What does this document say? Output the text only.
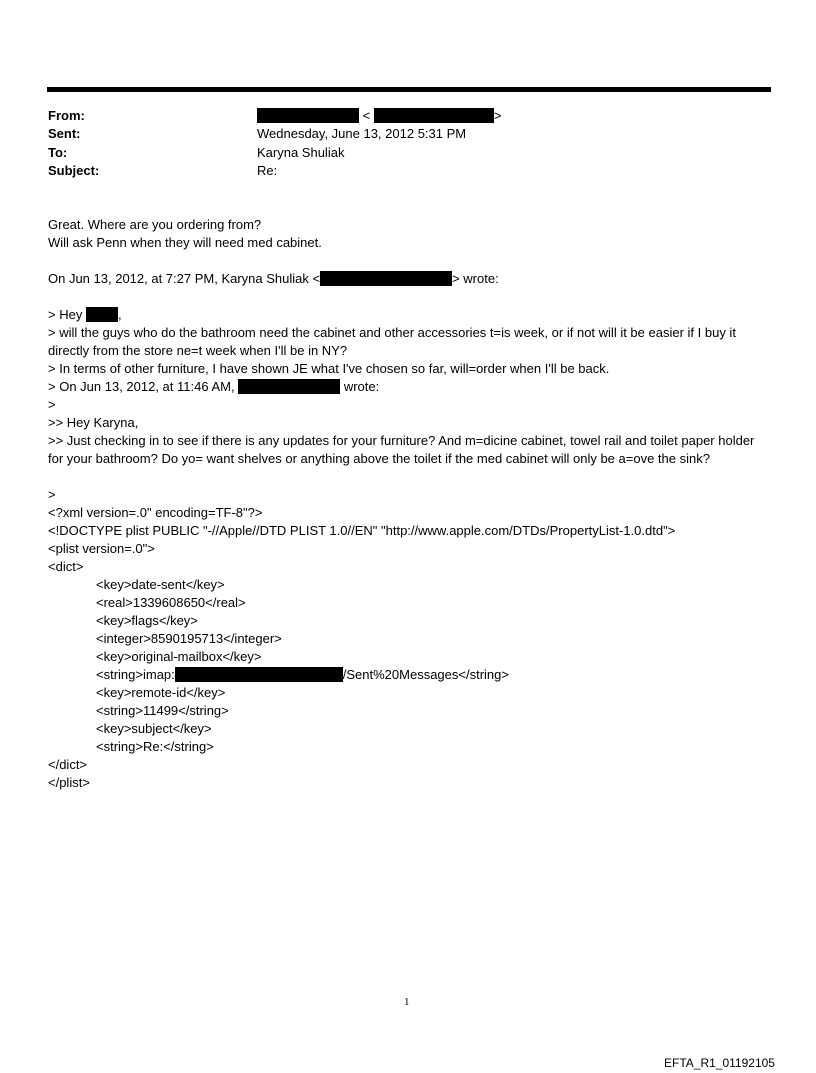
From:	<	>
Sent:	Wednesday, June 13, 2012 5:31 PM
To:	Karyna Shuliak
Subject:	Re:
Great. Where are you ordering from?
Will ask Penn when they will need med cabinet.
On Jun 13, 2012, at 7:27 PM, Karyna Shuliak <	> wrote:
> Hey	,
> will the guys who do the bathroom need the cabinet and other accessories t=is week, or if not will it be easier if I buy it directly from the store ne=t week when I'll be in NY?
> In terms of other furniture, I have shown JE what I've chosen so far, will=order when I'll be back.
> On Jun 13, 2012, at 11:46 AM,	wrote:
>
>> Hey Karyna,
>> Just checking in to see if there is any updates for your furniture? And m=dicine cabinet, towel rail and toilet paper holder for your bathroom? Do yo= want shelves or anything above the toilet if the med cabinet will only be a=ove the sink?
>
<?xml version=.0" encoding=TF-8"?>
<!DOCTYPE plist PUBLIC "-//Apple//DTD PLIST 1.0//EN" "http://www.apple.com/DTDs/PropertyList-1.0.dtd">
<plist version=.0">
<dict>
<key>date-sent</key>
<real>1339608650</real>
<key>flags</key>
<integer>8590195713</integer>
<key>original-mailbox</key>
<string>imap:	/Sent%20Messages</string>
<key>remote-id</key>
<string>11499</string>
<key>subject</key>
<string>Re:</string>
</dict>
</plist>
1
EFTA_R1_01192105
